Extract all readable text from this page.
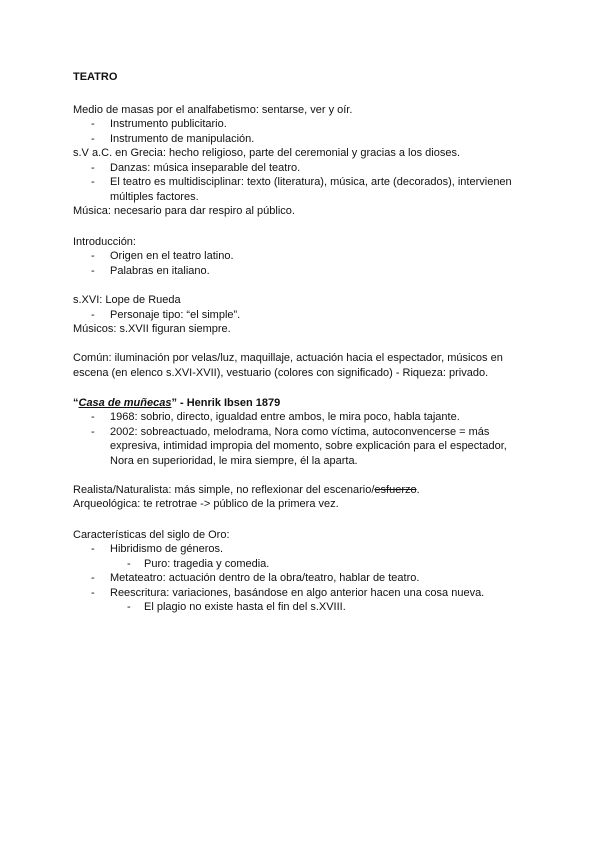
TEATRO
Medio de masas por el analfabetismo: sentarse, ver y oír.
- Instrumento publicitario.
- Instrumento de manipulación.
s.V a.C. en Grecia: hecho religioso, parte del ceremonial y gracias a los dioses.
- Danzas: música inseparable del teatro.
- El teatro es multidisciplinar: texto (literatura), música, arte (decorados), intervienen
múltiples factores.
Música: necesario para dar respiro al público.
Introducción:
- Origen en el teatro latino.
- Palabras en italiano.
s.XVI: Lope de Rueda
- Personaje tipo: “el simple”.
Músicos: s.XVII figuran siempre.
Común: iluminación por velas/luz, maquillaje, actuación hacia el espectador, músicos en
escena (en elenco s.XVI-XVII), vestuario (colores con significado) - Riqueza: privado.
“Casa de muñecas” - Henrik Ibsen 1879
- 1968: sobrio, directo, igualdad entre ambos, le mira poco, habla tajante.
- 2002: sobreactuado, melodrama, Nora como víctima, autoconvencerse = más
expresiva, intimidad impropia del momento, sobre explicación para el espectador,
Nora en superioridad, le mira siempre, él la aparta.
Realista/Naturalista: más simple, no reflexionar del escenario/esfuerzo.
Arqueológica: te retrotrae -> público de la primera vez.
Características del siglo de Oro:
- Hibridismo de géneros.
- Puro: tragedia y comedia.
- Metateatro: actuación dentro de la obra/teatro, hablar de teatro.
- Reescritura: variaciones, basándose en algo anterior hacen una cosa nueva.
- El plagio no existe hasta el fin del s.XVIII.
